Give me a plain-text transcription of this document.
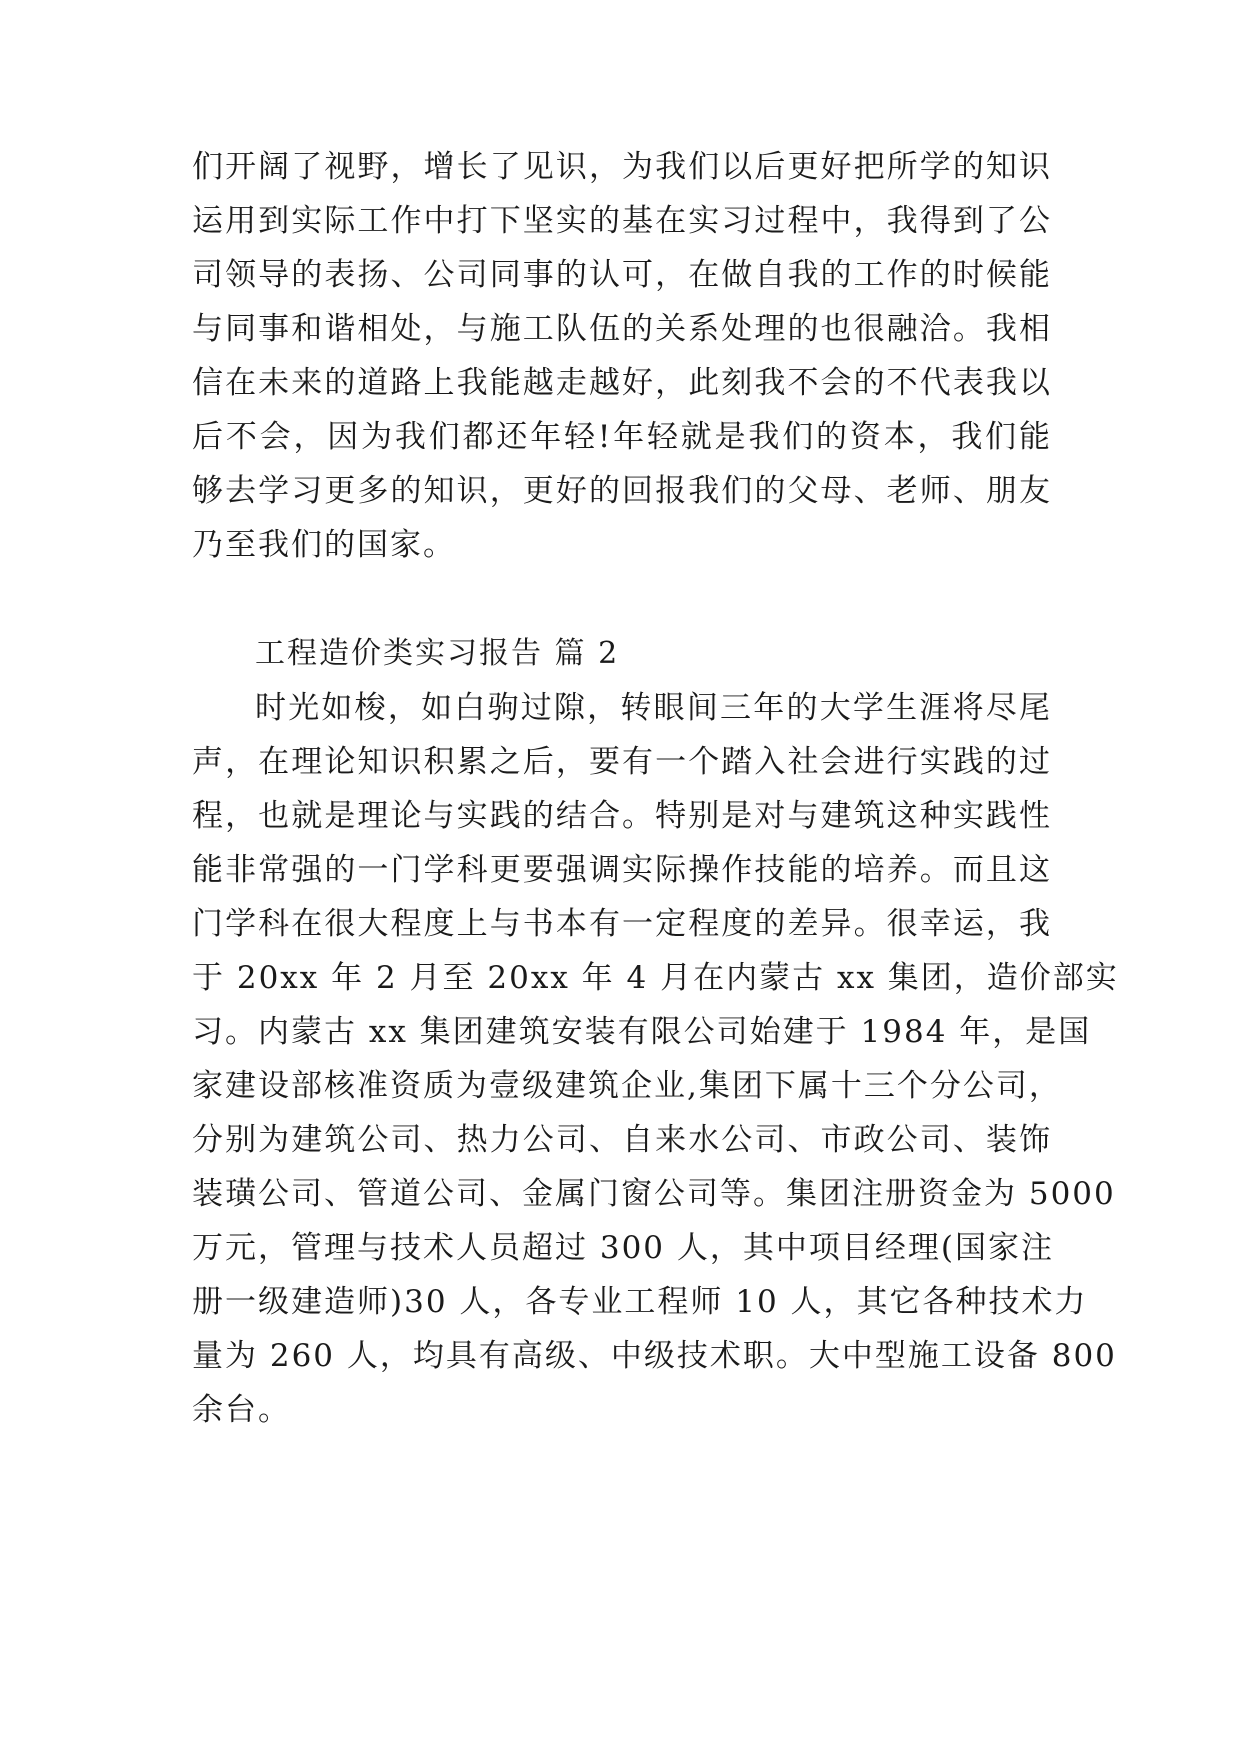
们开阔了视野，增长了见识，为我们以后更好把所学的知识
运用到实际工作中打下坚实的基在实习过程中，我得到了公
司领导的表扬、公司同事的认可，在做自我的工作的时候能
与同事和谐相处，与施工队伍的关系处理的也很融洽。我相
信在未来的道路上我能越走越好，此刻我不会的不代表我以
后不会，因为我们都还年轻!年轻就是我们的资本，我们能
够去学习更多的知识，更好的回报我们的父母、老师、朋友
乃至我们的国家。
工程造价类实习报告 篇 2
时光如梭，如白驹过隙，转眼间三年的大学生涯将尽尾
声，在理论知识积累之后，要有一个踏入社会进行实践的过
程，也就是理论与实践的结合。特别是对与建筑这种实践性
能非常强的一门学科更要强调实际操作技能的培养。而且这
门学科在很大程度上与书本有一定程度的差异。很幸运，我
于 20xx 年 2 月至 20xx 年 4 月在内蒙古 xx 集团，造价部实
习。内蒙古 xx 集团建筑安装有限公司始建于 1984 年，是国
家建设部核准资质为壹级建筑企业,集团下属十三个分公司，
分别为建筑公司、热力公司、自来水公司、市政公司、装饰
装璜公司、管道公司、金属门窗公司等。集团注册资金为 5000
万元，管理与技术人员超过 300 人，其中项目经理(国家注
册一级建造师)30 人，各专业工程师 10 人，其它各种技术力
量为 260 人，均具有高级、中级技术职。大中型施工设备 800
余台。
